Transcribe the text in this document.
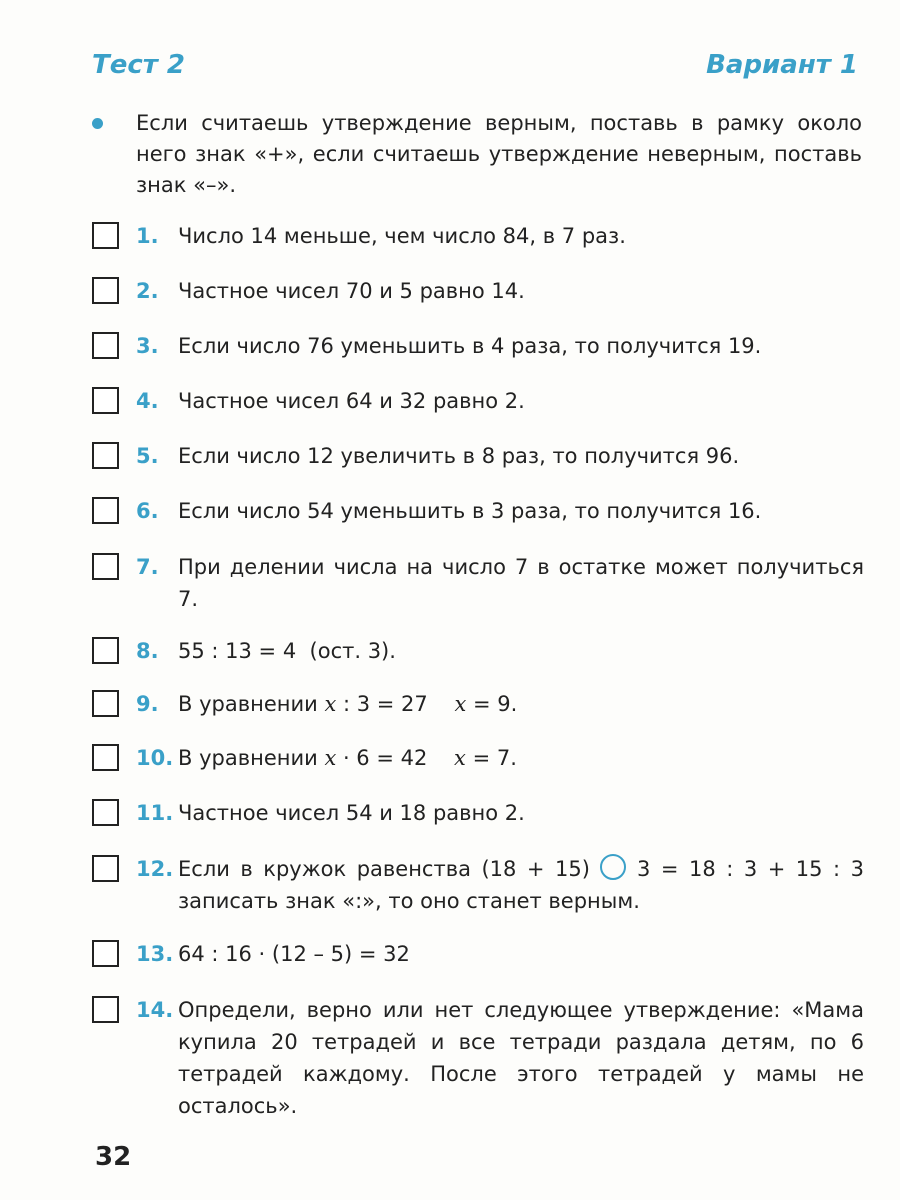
Тест 2	Вариант 1
Если считаешь утверждение верным, поставь в рамку около него знак «+», если считаешь утверждение неверным, поставь знак «–».
1. Число 14 меньше, чем число 84, в 7 раз.
2. Частное чисел 70 и 5 равно 14.
3. Если число 76 уменьшить в 4 раза, то получится 19.
4. Частное чисел 64 и 32 равно 2.
5. Если число 12 увеличить в 8 раз, то получится 96.
6. Если число 54 уменьшить в 3 раза, то получится 16.
7. При делении числа на число 7 в остатке может получиться 7.
8. 55 : 13 = 4  (ост. 3).
9. В уравнении x : 3 = 27    x = 9.
10. В уравнении x · 6 = 42    x = 7.
11. Частное чисел 54 и 18 равно 2.
12. Если в кружок равенства (18 + 15)  3 = 18 : 3 + 15 : 3 записать знак «:», то оно станет верным.
13. 64 : 16 · (12 – 5) = 32
14. Определи, верно или нет следующее утверждение: «Мама купила 20 тетрадей и все тетради раздала детям, по 6 тетрадей каждому. После этого тетрадей у мамы не осталось».
32
